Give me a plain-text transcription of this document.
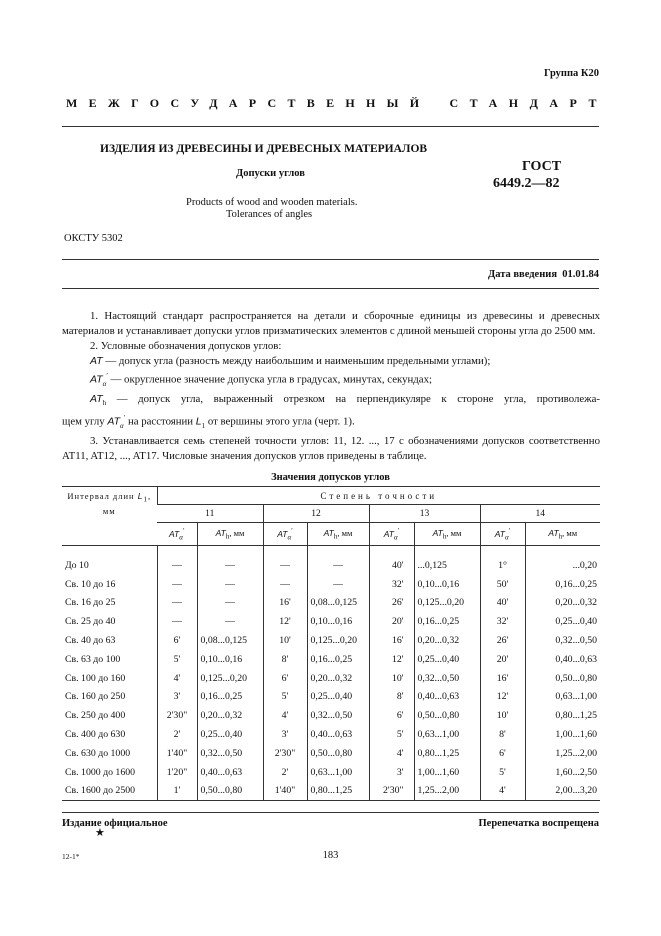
Группа К20
МЕЖГОСУДАРСТВЕННЫЙ СТАНДАРТ
ИЗДЕЛИЯ ИЗ ДРЕВЕСИНЫ И ДРЕВЕСНЫХ МАТЕРИАЛОВ
Допуски углов	ГОСТ
6449.2—82
Products of wood and wooden materials.
Tolerances of angles
ОКСТУ 5302
Дата введения 01.01.84

1. Настоящий стандарт распространяется на детали и сборочные единицы из древесины и древесных материалов и устанавливает допуски углов призматических элементов с длиной меньшей стороны угла до 2500 мм.

2. Условные обозначения допусков углов:

AT — допуск угла (разность между наибольшим и наименьшим предельными углами);

$AT_\alpha'$ — округленное значение допуска угла в градусах, минутах, секундах;

$AT_h$ — допуск угла, выраженный отрезком на перпендикуляре к стороне угла, противолежа-

щем углу $AT_\alpha'$ на расстоянии $L_1$ от вершины этого угла (черт. 1).

3. Устанавливается семь степеней точности углов: 11, 12. ..., 17 с обозначениями допусков соответственно AT11, AT12, ..., AT17. Числовые значения допусков углов приведены в таблице.

Значения допусков углов
Интервал длин $L_1$,
мм	Степень точности							
	11		12		13		14	
	$AT_\alpha'$	$AT_h$, мм	$AT_\alpha'$	$AT_h$, мм	$AT_\alpha'$	$AT_h$, мм	$AT_\alpha'$	$AT_h$, мм

До 10	—	—	—	—	40'	...0,125	1°	...0,20
Св. 10 до 16	—	—	—	—	32'	0,10...0,16	50'	0,16...0,25
Св. 16 до 25	—	—	16'	0,08...0,125	26'	0,125...0,20	40'	0,20...0,32
Св. 25 до 40	—	—	12'	0,10...0,16	20'	0,16...0,25	32'	0,25...0,40
Св. 40 до 63	6'	0,08...0,125	10'	0,125...0,20	16'	0,20...0,32	26'	0,32...0,50
Св. 63 до 100	5'	0,10...0,16	8'	0,16...0,25	12'	0,25...0,40	20'	0,40...0,63
Св. 100 до 160	4'	0,125...0,20	6'	0,20...0,32	10'	0,32...0,50	16'	0,50...0,80
Св. 160 до 250	3'	0,16...0,25	5'	0,25...0,40	8'	0,40...0,63	12'	0,63...1,00
Св. 250 до 400	2'30"	0,20...0,32	4'	0,32...0,50	6'	0,50...0,80	10'	0,80...1,25
Св. 400 до 630	2'	0,25...0,40	3'	0,40...0,63	5'	0,63...1,00	8'	1,00...1,60
Св. 630 до 1000	1'40"	0,32...0,50	2'30"	0,50...0,80	4'	0,80...1,25	6'	1,25...2,00
Св. 1000 до 1600	1'20"	0,40...0,63	2'	0,63...1,00	3'	1,00...1,60	5'	1,60...2,50
Св. 1600 до 2500	1'	0,50...0,80	1'40"	0,80...1,25	2'30"	1,25...2,00	4'	2,00...3,20
Издание официальное
★
Перепечатка воспрещена
12-1*	183
